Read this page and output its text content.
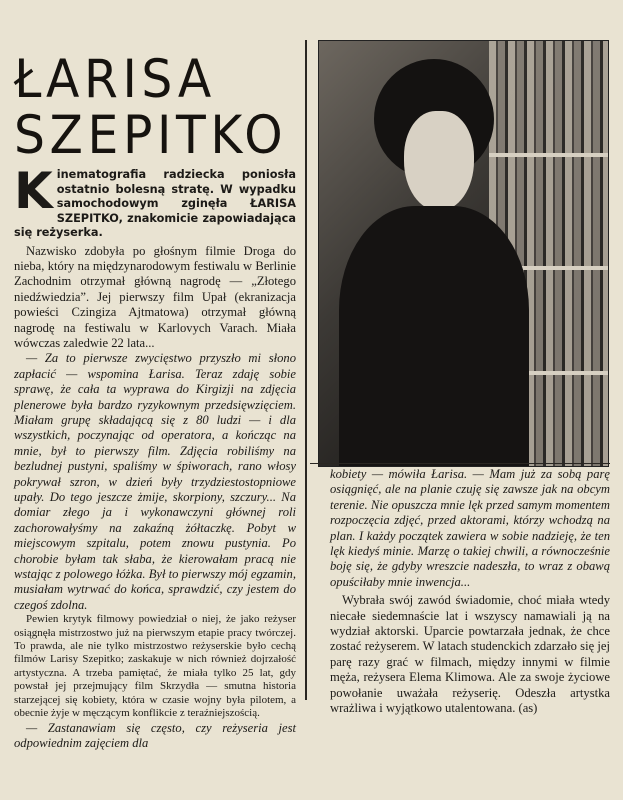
ŁARISA
SZEPITKO
Kinematografia radziecka poniosła ostatnio bolesną stratę. W wypadku samochodowym zginęła ŁARISA SZEPITKO, znakomicie zapowiadająca się reżyserka.

Nazwisko zdobyła po głośnym filmie Droga do nieba, który na międzynarodowym festiwalu w Berlinie Zachodnim otrzymał główną nagrodę — „Złotego niedźwiedzia”. Jej pierwszy film Upał (ekranizacja powieści Czingiza Ajtmatowa) otrzymał główną nagrodę na festiwalu w Karlovych Varach. Miała wówczas zaledwie 22 lata...

— Za to pierwsze zwycięstwo przyszło mi słono zapłacić — wspomina Łarisa. Teraz zdaję sobie sprawę, że cała ta wyprawa do Kirgizji na zdjęcia plenerowe była bardzo ryzykownym przedsięwzięciem. Miałam grupę składającą się z 80 ludzi — i dla wszystkich, poczynając od operatora, a kończąc na mnie, był to pierwszy film. Zdjęcia robiliśmy na bezludnej pustyni, spaliśmy w śpiworach, rano włosy pokrywał szron, w dzień były trzydziestostopniowe upały. Do tego jeszcze żmije, skorpiony, szczury... Na domiar złego ja i wykonawczyni głównej roli zachorowałyśmy na zakaźną żółtaczkę. Pobyt w miejscowym szpitalu, potem znowu pustynia. Po chorobie byłam tak słaba, że kierowałam pracą nie wstając z polowego łóżka. Był to pierwszy mój egzamin, musiałam wytrwać do końca, sprawdzić, czy jestem do czegoś zdolna.

Pewien krytyk filmowy powiedział o niej, że jako reżyser osiągnęła mistrzostwo już na pierwszym etapie pracy twórczej. To prawda, ale nie tylko mistrzostwo reżyserskie było cechą filmów Larisy Szepitko; zaskakuje w nich również dojrzałość artystyczna. A trzeba pamiętać, że miała tylko 25 lat, gdy powstał jej przejmujący film Skrzydła — smutna historia starzejącej się kobiety, która w czasie wojny była pilotem, a obecnie żyje w męczącym konflikcie z teraźniejszością.

— Zastanawiam się często, czy reżyseria jest odpowiednim zajęciem dla

kobiety — mówiła Łarisa. — Mam już za sobą parę osiągnięć, ale na planie czuję się zawsze jak na obcym terenie. Nie opuszcza mnie lęk przed samym momentem rozpoczęcia zdjęć, przed aktorami, którzy wchodzą na plan. I każdy początek zawiera w sobie nadzieję, że ten lęk kiedyś minie. Marzę o takiej chwili, a równocześnie boję się, że gdyby wreszcie nadeszła, to wraz z obawą opuściłaby mnie inwencja...

Wybrała swój zawód świadomie, choć miała wtedy niecałe siedemnaście lat i wszyscy namawiali ją na wydział aktorski. Uparcie powtarzała jednak, że chce zostać reżyserem. W latach studenckich zdarzało się jej parę razy grać w filmach, między innymi w filmie męża, reżysera Elema Klimowa. Ale za swoje życiowe powołanie uważała reżyserię. Odeszła artystka wrażliwa i wyjątkowo utalentowana. (as)
